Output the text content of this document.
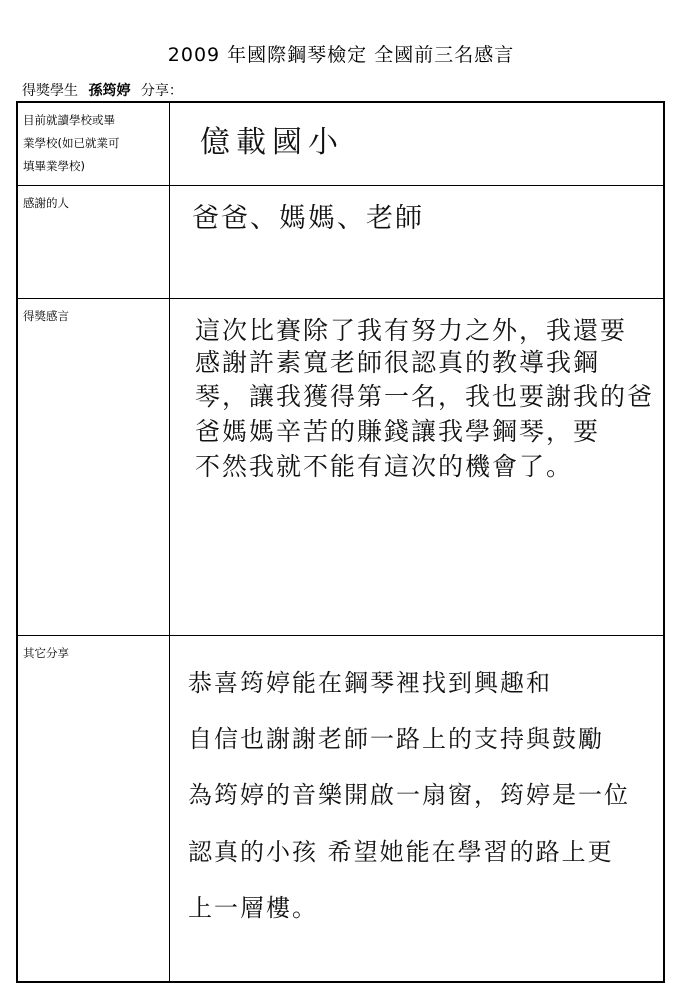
2009 年國際鋼琴檢定 全國前三名感言
得獎學生 孫筠婷 分享：
目前就讀學校或畢
業學校(如已就業可
填畢業學校)
億載國小
感謝的人	爸爸、媽媽、老師
得獎感言	這次比賽除了我有努力之外，我還要
感謝許素寬老師很認真的教導我鋼
琴，讓我獲得第一名，我也要謝我的爸
爸媽媽辛苦的賺錢讓我學鋼琴，要
不然我就不能有這次的機會了。
其它分享
恭喜筠婷能在鋼琴裡找到興趣和
自信也謝謝老師一路上的支持與鼓勵
為筠婷的音樂開啟一扇窗，筠婷是一位
認真的小孩 希望她能在學習的路上更
上一層樓。
